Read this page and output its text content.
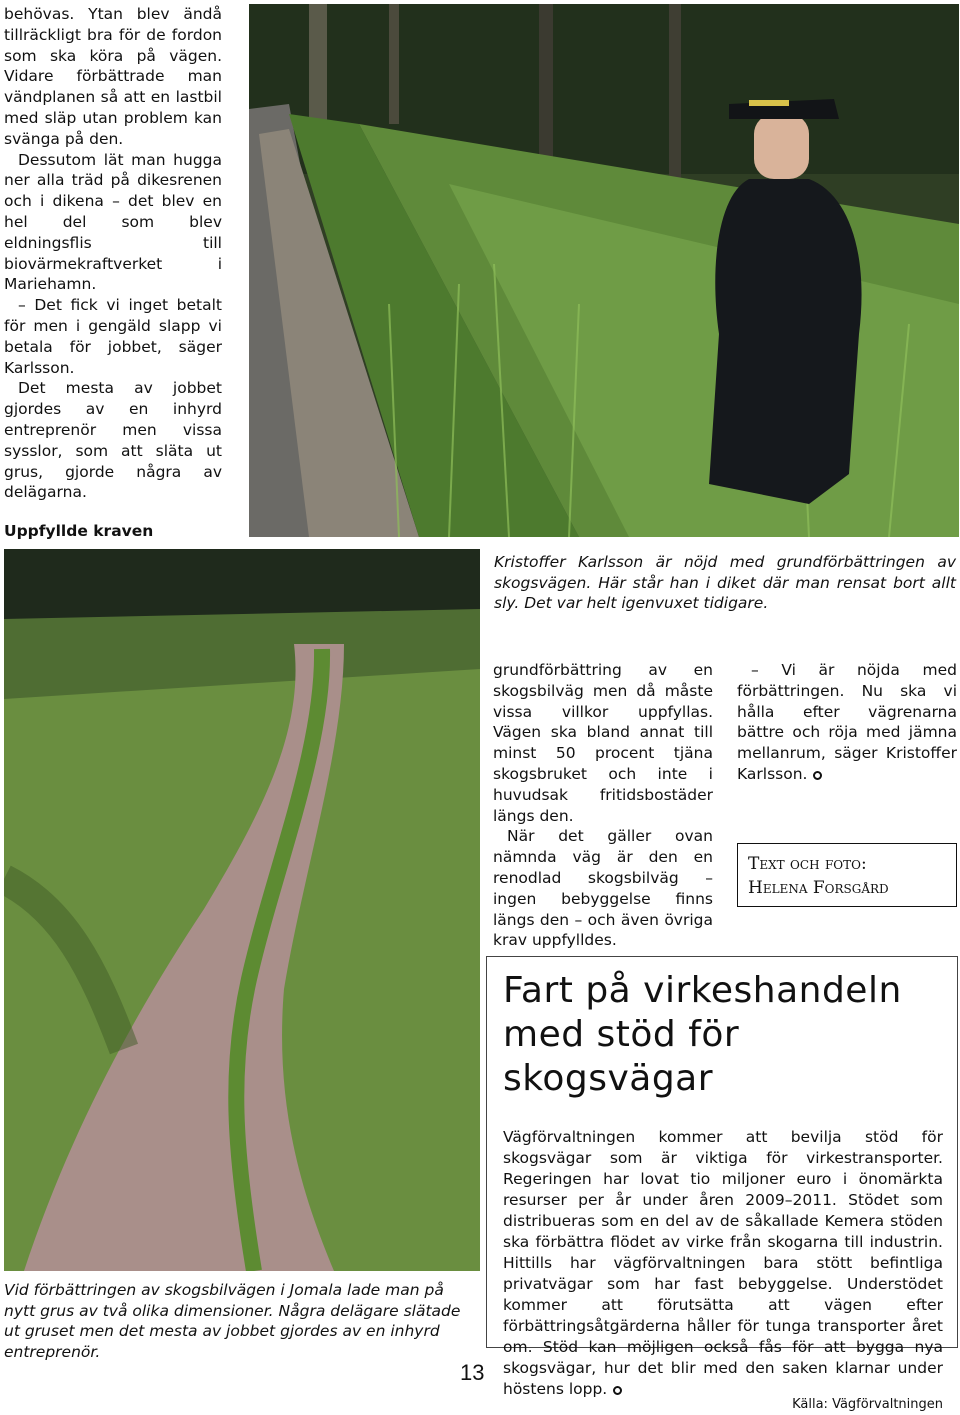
behövas. Ytan blev ändå tillräckligt bra för de fordon som ska köra på vägen. Vidare förbättrade man vändplanen så att en lastbil med släp utan problem kan svänga på den.

Dessutom lät man hugga ner alla träd på dikesrenen och i dikena – det blev en hel del som blev eldningsflis till biovärmekraftverket i Mariehamn.

– Det fick vi inget betalt för men i gengäld slapp vi betala för jobbet, säger Karlsson.

Det mesta av jobbet gjordes av en inhyrd entreprenör men vissa sysslor, som att släta ut grus, gjorde några av delägarna.

Uppfyllde kraven

Kristoffer Karlsson är nöjd med grundförbättringen av skogsvägen. Här står han i diket där man rensat bort allt sly. Det var helt igenvuxet tidigare.
Vid förbättringen av skogsbilvägen i Jomala lade man på nytt grus av två olika dimensioner. Några delägare slätade ut gruset men det mesta av jobbet gjordes av en inhyrd entreprenör.

grundförbättring av en skogsbilväg men då måste vissa villkor uppfyllas. Vägen ska bland annat till minst 50 procent tjäna skogsbruket och inte i huvudsak fritidsbostäder längs den.

När det gäller ovan nämnda väg är den en renodlad skogsbilväg – ingen bebyggelse finns längs den – och även övriga krav uppfylldes.

– Vi är nöjda med förbättringen. Nu ska vi hålla efter vägrenarna bättre och röja med jämna mellanrum, säger Kristoffer Karlsson.

Text och foto:
Helena Forsgård
Fart på virkeshandeln
med stöd för skogsvägar

Vägförvaltningen kommer att bevilja stöd för skogsvägar som är viktiga för virkestransporter. Regeringen har lovat tio miljoner euro i önomärkta resurser per år under åren 2009–2011. Stödet som distribueras som en del av de såkallade Kemera stöden ska förbättra flödet av virke från skogarna till industrin. Hittills har vägförvaltningen bara stött befintliga privatvägar som har fast bebyggelse. Understödet kommer att förutsätta att vägen efter förbättringsåtgärderna håller för tunga transporter året om. Stöd kan möjligen också fås för att bygga nya skogsvägar, hur det blir med den saken klarnar under höstens lopp.

Källa: Vägförvaltningen

13
